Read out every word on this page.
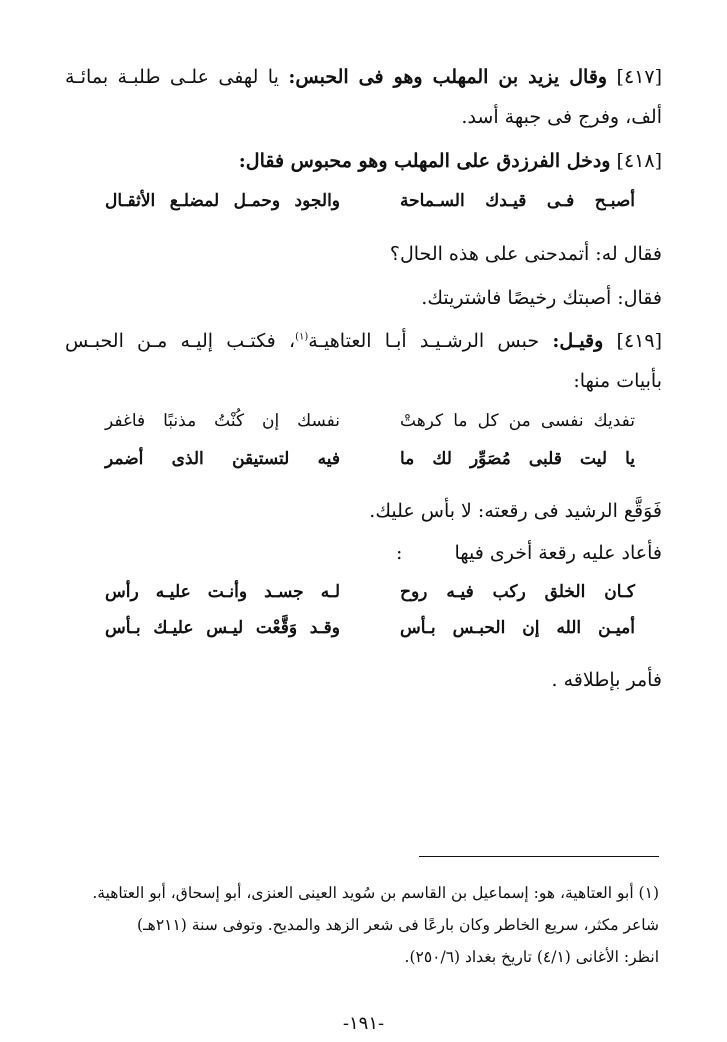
[٤١٧] وقال يزيد بن المهلب وهو فى الحبس: يا لهفى علـى طلبـة بمائـة
ألف، وفرج فى جبهة أسد.
[٤١٨] ودخل الفرزدق على المهلب وهو محبوس فقال:
أصبـح فـى قيـدك السـماحة
والجود وحمـل لمضلـع الأثقـال
فقال له: أتمدحنى على هذه الحال؟
فقال: أصبتك رخيصًا فاشتريتك.
[٤١٩] وقيـل: حبس الرشـيـد أبـا العتاهيـة$^{(١)}$، فكتـب إليـه مـن الحبـس
بأبيات منها:
تفديك نفسى من كل ما كرهتْ
نفسك إن كُنْتُ مذنبًا فاغفر
يا ليت قلبى مُصَوِّر لك ما
فيه لتستيقن الذى أضمر
فَوَقَّع الرشيد فى رقعته: لا بأس عليك.
فأعاد عليه رقعة أخرى فيها  :
كـان الخلق ركب فيـه روح
لـه جسـد وأنـت عليـه رأس
أميـن الله إن الحبـس بـأس
وقـد وَقَّعْت ليـس عليـك بـأس
فأمر بإطلاقه .
(١) أبو العتاهية، هو: إسماعيل بن القاسم بن سُويد العينى العنزى، أبو إسحاق، أبو العتاهية.
شاعر مكثر، سريع الخاطر وكان بارعًا فى شعر الزهد والمديح. وتوفى سنة (٢١١هـ)
انظر: الأغانى (٤/١) تاريخ بغداد (٢٥٠/٦).
-١٩١-
